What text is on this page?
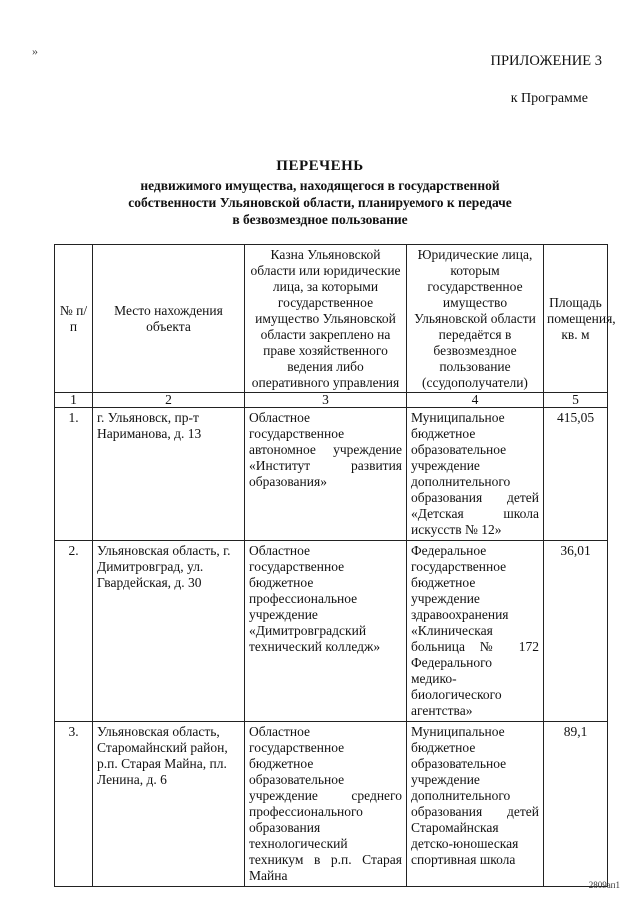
»
ПРИЛОЖЕНИЕ 3
к Программе
ПЕРЕЧЕНЬ
недвижимого имущества, находящегося в государственной
собственности Ульяновской области, планируемого к передаче
в безвозмездное пользование
№ п/п	Место нахождения объекта	Казна Ульяновской области или юридические лица, за которыми государственное имущество Ульяновской области закреплено на праве хозяйственного ведения либо оперативного управления	Юридические лица, которым государственное имущество Ульяновской области передаётся в безвозмездное пользование (ссудополучатели)	Площадь помещения, кв. м
1	2	3	4	5
1.	г. Ульяновск, пр-т Нариманова, д. 13	Областное государственное автономное учреждение «Институт развития образования»	Муниципальное бюджетное образовательное учреждение дополнительного образования детей «Детская школа искусств № 12»	415,05
2.	Ульяновская область, г. Димитровград, ул. Гвардейская, д. 30	Областное государственное бюджетное профессиональное учреждение «Димитровградский технический колледж»	Федеральное государственное бюджетное учреждение здравоохранения «Клиническая больница № 172 Федерального медико-биологического агентства»	36,01
3.	Ульяновская область, Старомайнский район, р.п. Старая Майна, пл. Ленина, д. 6	Областное государственное бюджетное образовательное учреждение среднего профессионального образования технологический техникум в р.п. Старая Майна	Муниципальное бюджетное образовательное учреждение дополнительного образования детей Старомайнская детско-юношеская спортивная школа	89,1
2809ап1
